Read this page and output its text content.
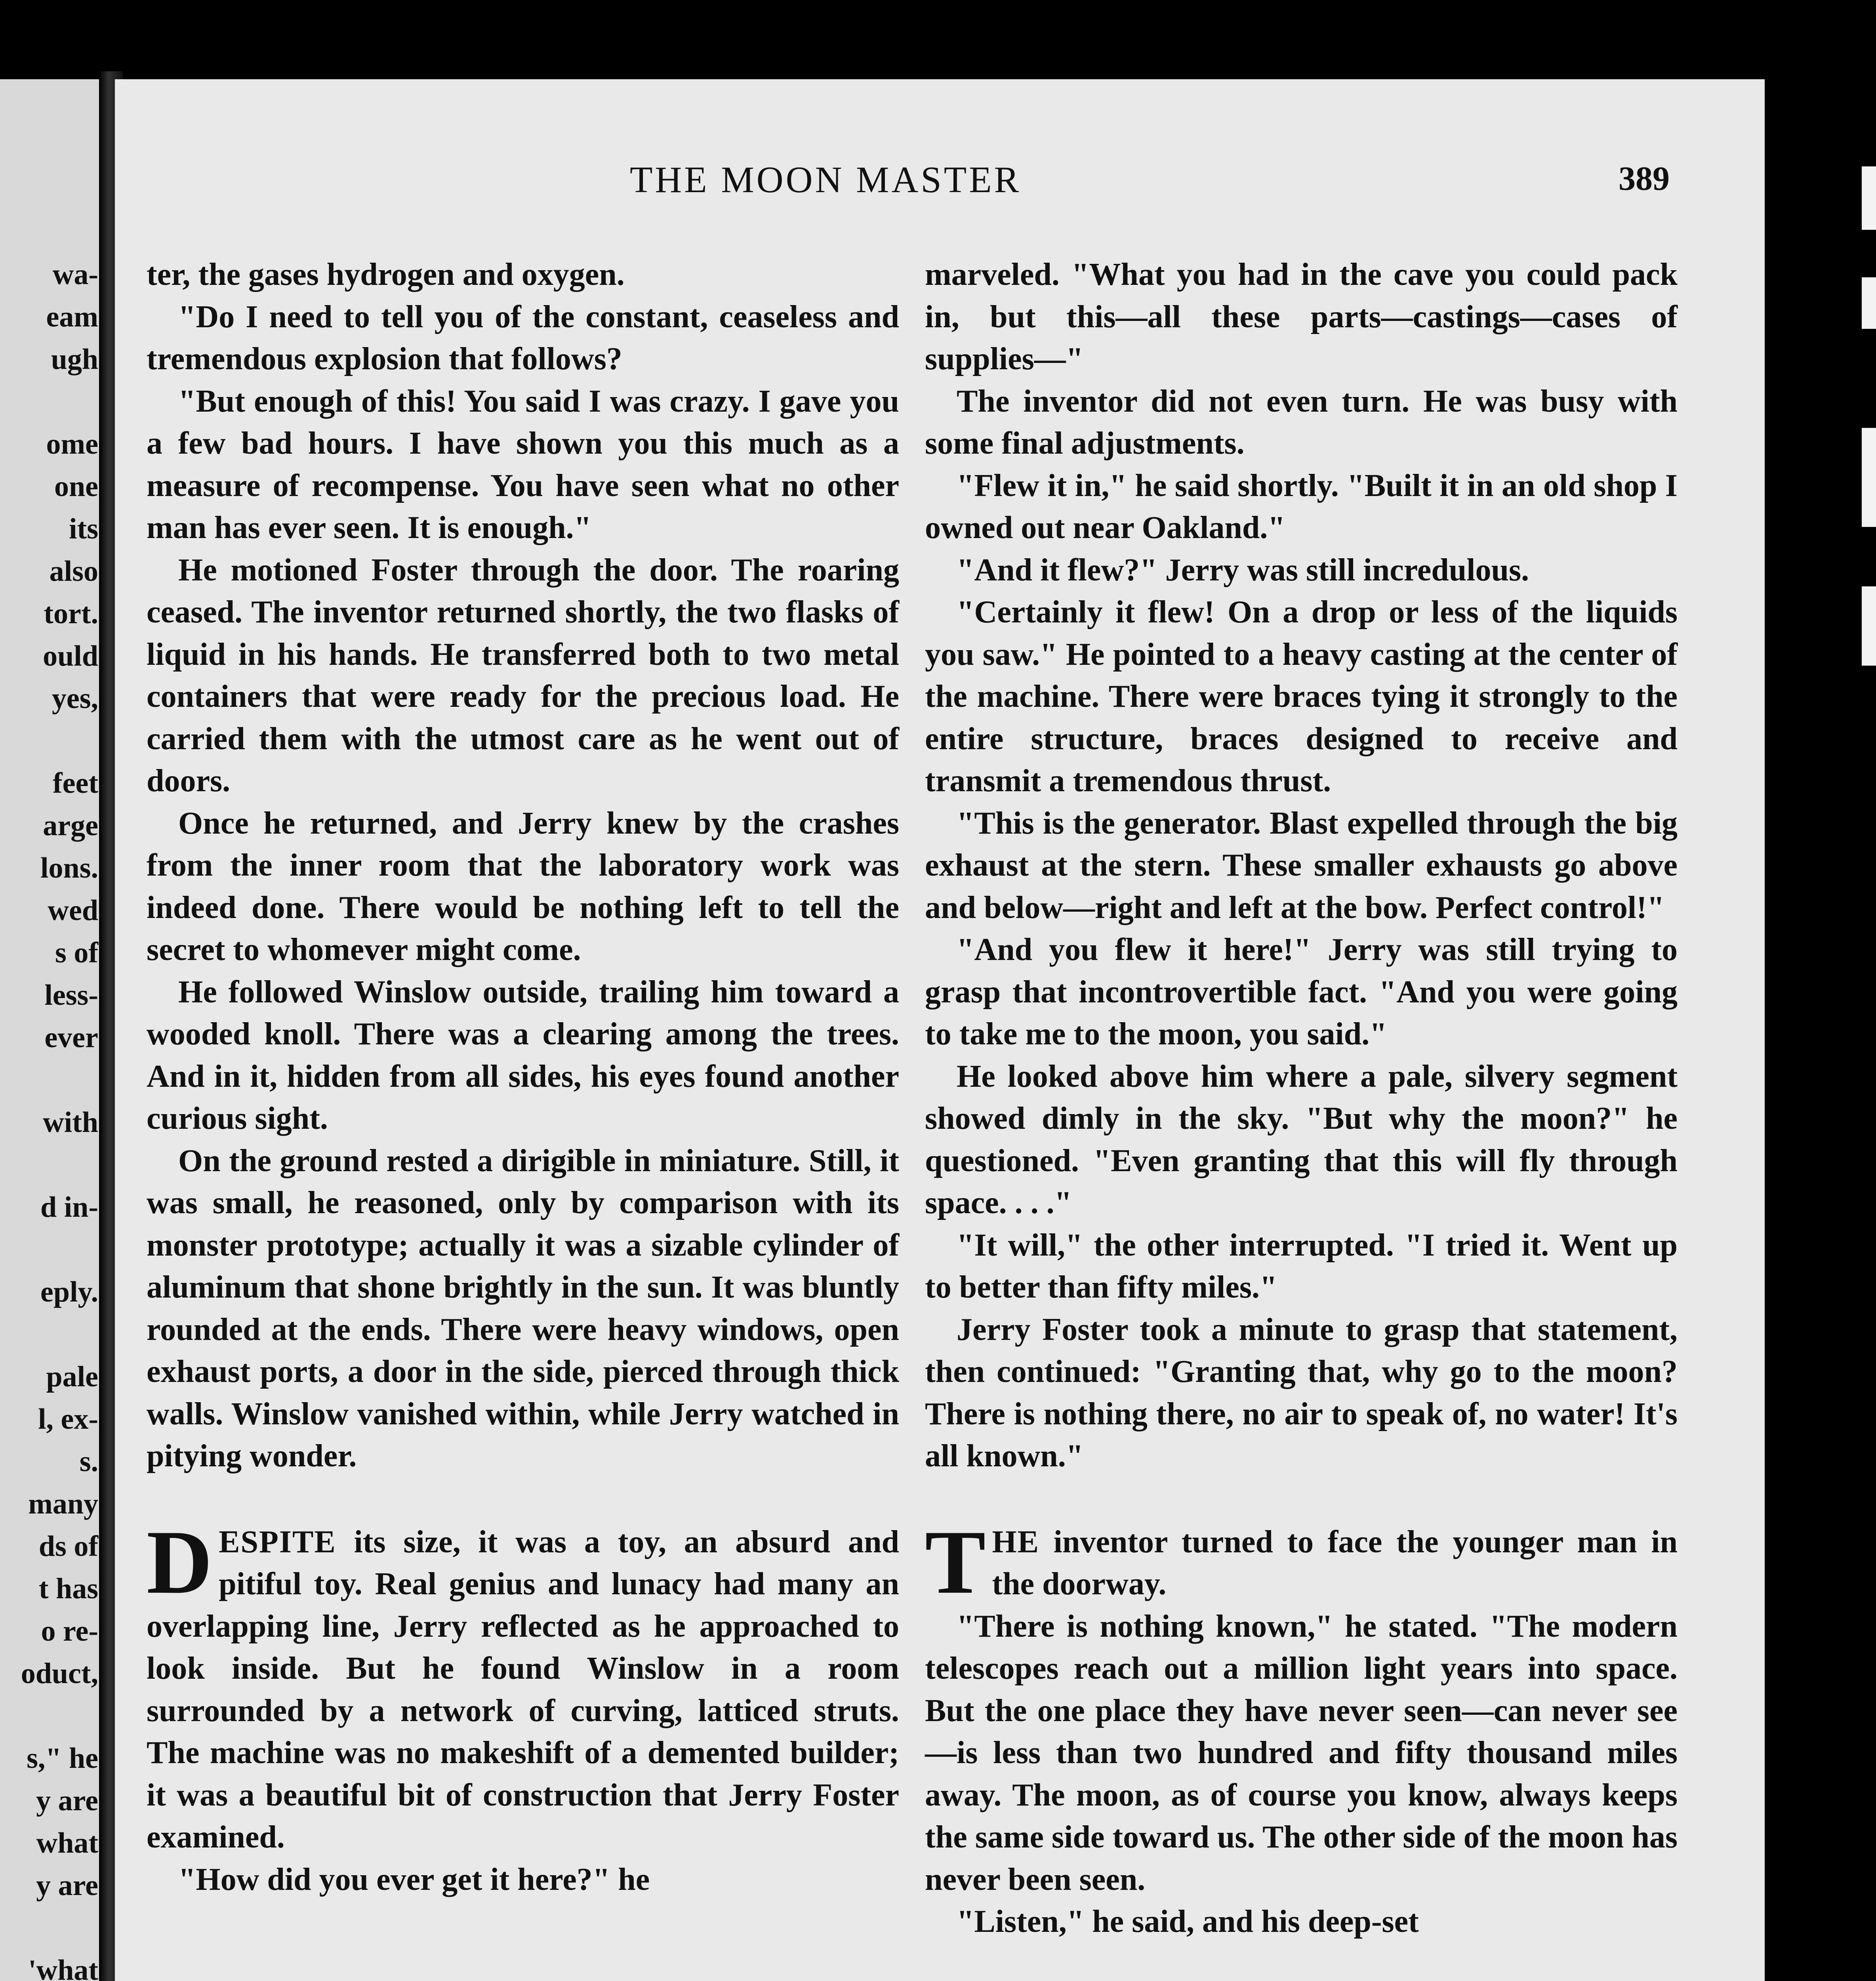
wa-
eam
ugh

ome
one
its
also
tort.
ould
yes,

feet
arge
lons.
wed
s of
less-
ever

with

d in-

eply.

pale
l, ex-
s.
many
ds of
t has
o re-
oduct,

s," he
y are
what
y are

'what

THE MOON MASTER	389

ter, the gases hydrogen and oxygen.

"Do I need to tell you of the constant, ceaseless and tremendous explosion that follows?

"But enough of this! You said I was crazy. I gave you a few bad hours. I have shown you this much as a measure of recompense. You have seen what no other man has ever seen. It is enough."

He motioned Foster through the door. The roaring ceased. The inventor returned shortly, the two flasks of liquid in his hands. He transferred both to two metal containers that were ready for the precious load. He carried them with the utmost care as he went out of doors.

Once he returned, and Jerry knew by the crashes from the inner room that the laboratory work was indeed done. There would be nothing left to tell the secret to whomever might come.

He followed Winslow outside, trailing him toward a wooded knoll. There was a clearing among the trees. And in it, hidden from all sides, his eyes found another curious sight.

On the ground rested a dirigible in miniature. Still, it was small, he reasoned, only by comparison with its monster prototype; actually it was a sizable cylinder of aluminum that shone brightly in the sun. It was bluntly rounded at the ends. There were heavy windows, open exhaust ports, a door in the side, pierced through thick walls. Winslow vanished within, while Jerry watched in pitying wonder.

DESPITE its size, it was a toy, an absurd and pitiful toy. Real genius and lunacy had many an overlapping line, Jerry reflected as he approached to look inside. But he found Winslow in a room surrounded by a network of curving, latticed struts. The machine was no makeshift of a demented builder; it was a beautiful bit of construction that Jerry Foster examined.

"How did you ever get it here?" he

marveled. "What you had in the cave you could pack in, but this—all these parts—castings—cases of supplies—"

The inventor did not even turn. He was busy with some final adjustments.

"Flew it in," he said shortly. "Built it in an old shop I owned out near Oakland."

"And it flew?" Jerry was still incredulous.

"Certainly it flew! On a drop or less of the liquids you saw." He pointed to a heavy casting at the center of the machine. There were braces tying it strongly to the entire structure, braces designed to receive and transmit a tremendous thrust.

"This is the generator. Blast expelled through the big exhaust at the stern. These smaller exhausts go above and below—right and left at the bow. Perfect control!"

"And you flew it here!" Jerry was still trying to grasp that incontrovertible fact. "And you were going to take me to the moon, you said."

He looked above him where a pale, silvery segment showed dimly in the sky. "But why the moon?" he questioned. "Even granting that this will fly through space. . . ."

"It will," the other interrupted. "I tried it. Went up to better than fifty miles."

Jerry Foster took a minute to grasp that statement, then continued: "Granting that, why go to the moon? There is nothing there, no air to speak of, no water! It's all known."

THE inventor turned to face the younger man in the doorway.

"There is nothing known," he stated. "The modern telescopes reach out a million light years into space. But the one place they have never seen—can never see—is less than two hundred and fifty thousand miles away. The moon, as of course you know, always keeps the same side toward us. The other side of the moon has never been seen.

"Listen," he said, and his deep-set
